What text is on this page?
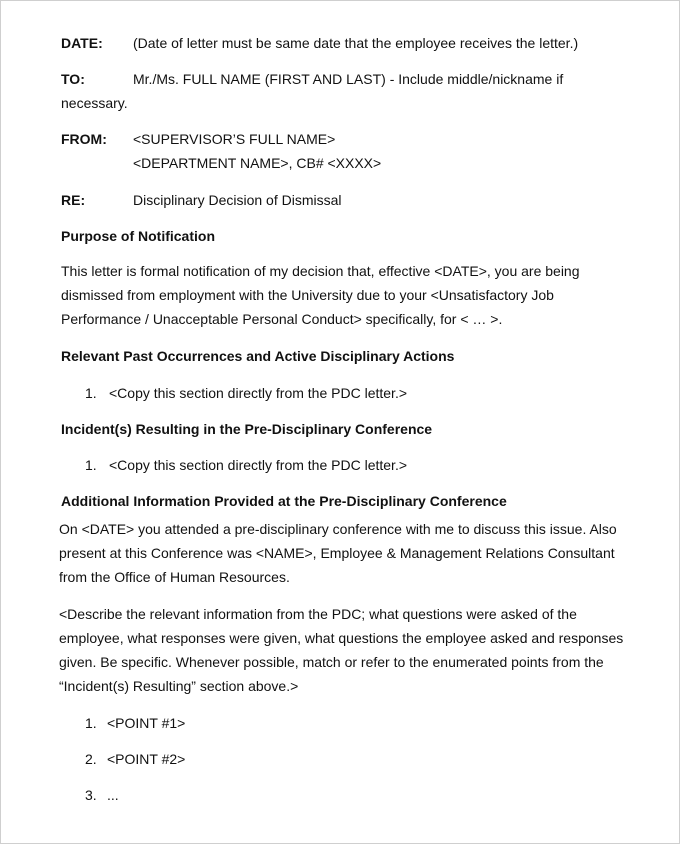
DATE: (Date of letter must be same date that the employee receives the letter.)
TO:	Mr./Ms. FULL NAME (FIRST AND LAST) - Include middle/nickname if
necessary.
FROM: <SUPERVISOR’S FULL NAME>
<DEPARTMENT NAME>, CB# <XXXX>
RE:	Disciplinary Decision of Dismissal
Purpose of Notification
This letter is formal notification of my decision that, effective <DATE>, you are being dismissed from employment with the University due to your <Unsatisfactory Job Performance / Unacceptable Personal Conduct> specifically, for < … >.
Relevant Past Occurrences and Active Disciplinary Actions
1. <Copy this section directly from the PDC letter.>
Incident(s) Resulting in the Pre-Disciplinary Conference
1. <Copy this section directly from the PDC letter.>
Additional Information Provided at the Pre-Disciplinary Conference
On <DATE> you attended a pre-disciplinary conference with me to discuss this issue. Also present at this Conference was <NAME>, Employee & Management Relations Consultant from the Office of Human Resources.
<Describe the relevant information from the PDC; what questions were asked of the employee, what responses were given, what questions the employee asked and responses given. Be specific. Whenever possible, match or refer to the enumerated points from the “Incident(s) Resulting” section above.>
1. <POINT #1>
2. <POINT #2>
3. ...
